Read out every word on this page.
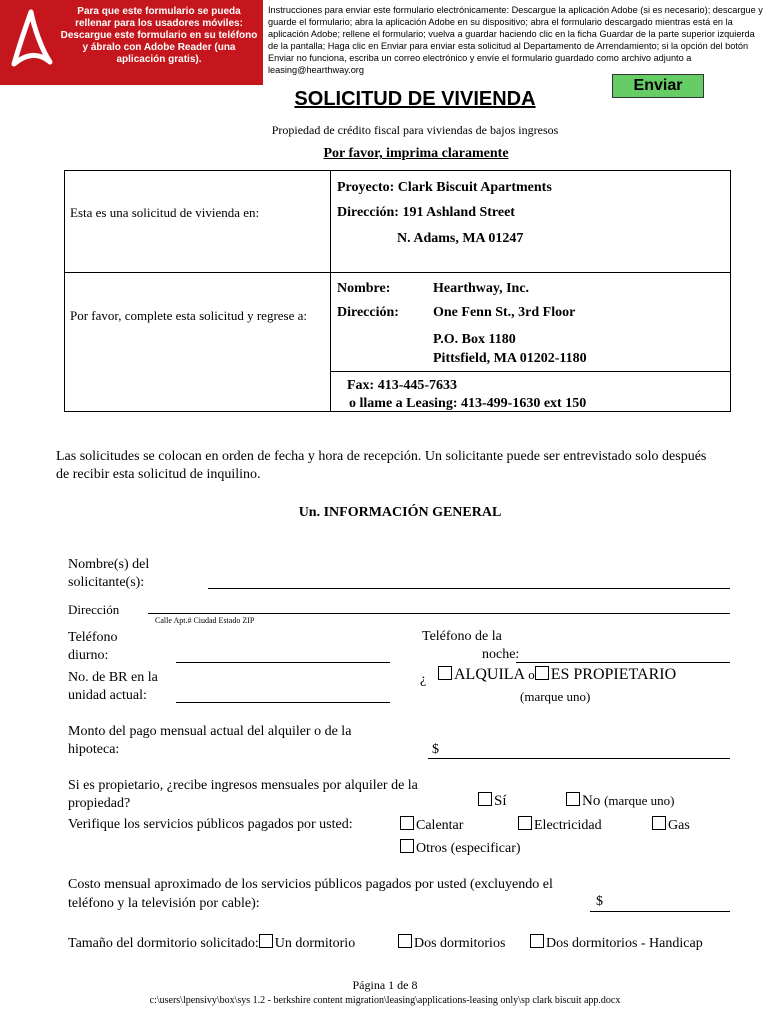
Para que este formulario se pueda rellenar para los usadores móviles: Descargue este formulario en su teléfono y ábralo con Adobe Reader (una aplicación gratis).
Instrucciones para enviar este formulario electrónicamente: Descargue la aplicación Adobe (si es necesario); descargue y guarde el formulario; abra la aplicación Adobe en su dispositivo; abra el formulario descargado mientras está en la aplicación Adobe; rellene el formulario; vuelva a guardar haciendo clic en la ficha Guardar de la parte superior izquierda de la pantalla; Haga clic en Enviar para enviar esta solicitud al Departamento de Arrendamiento; si la opción del botón Enviar no funciona, escriba un correo electrónico y envíe el formulario guardado como archivo adjunto a leasing@hearthway.org
Enviar
SOLICITUD DE VIVIENDA
Propiedad de crédito fiscal para viviendas de bajos ingresos
Por favor, imprima claramente
Esta es una solicitud de vivienda en:
Proyecto: Clark Biscuit Apartments
Dirección: 191 Ashland Street
N. Adams, MA 01247
Por favor, complete esta solicitud y regrese a:
Nombre:	Hearthway, Inc.
Dirección: One Fenn St., 3rd Floor
P.O. Box 1180
Pittsfield, MA 01202-1180
Fax: 413-445-7633
o llame a Leasing: 413-499-1630 ext 150
Las solicitudes se colocan en orden de fecha y hora de recepción. Un solicitante puede ser entrevistado solo después de recibir esta solicitud de inquilino.
Un. INFORMACIÓN GENERAL
Nombre(s) del solicitante(s):
Dirección
Calle Apt.# Ciudad Estado ZIP
Teléfono diurno:
Teléfono de la
noche:
No. de BR en la unidad actual:
¿	ALQUILA o ES PROPIETARIO
(marque uno)
Monto del pago mensual actual del alquiler o de la hipoteca:	$
Si es propietario, ¿recibe ingresos mensuales por alquiler de la propiedad?	Sí	No (marque uno)
Verifique los servicios públicos pagados por usted:	Calentar	Electricidad	Gas
Otros (especificar)
Costo mensual aproximado de los servicios públicos pagados por usted (excluyendo el teléfono y la televisión por cable):	$
Tamaño del dormitorio solicitado: Un dormitorio	Dos dormitorios	Dos dormitorios - Handicap
Página 1 de 8
c:\users\lpensivy\box\sys 1.2 - berkshire content migration\leasing\applications-leasing only\sp clark biscuit app.docx
